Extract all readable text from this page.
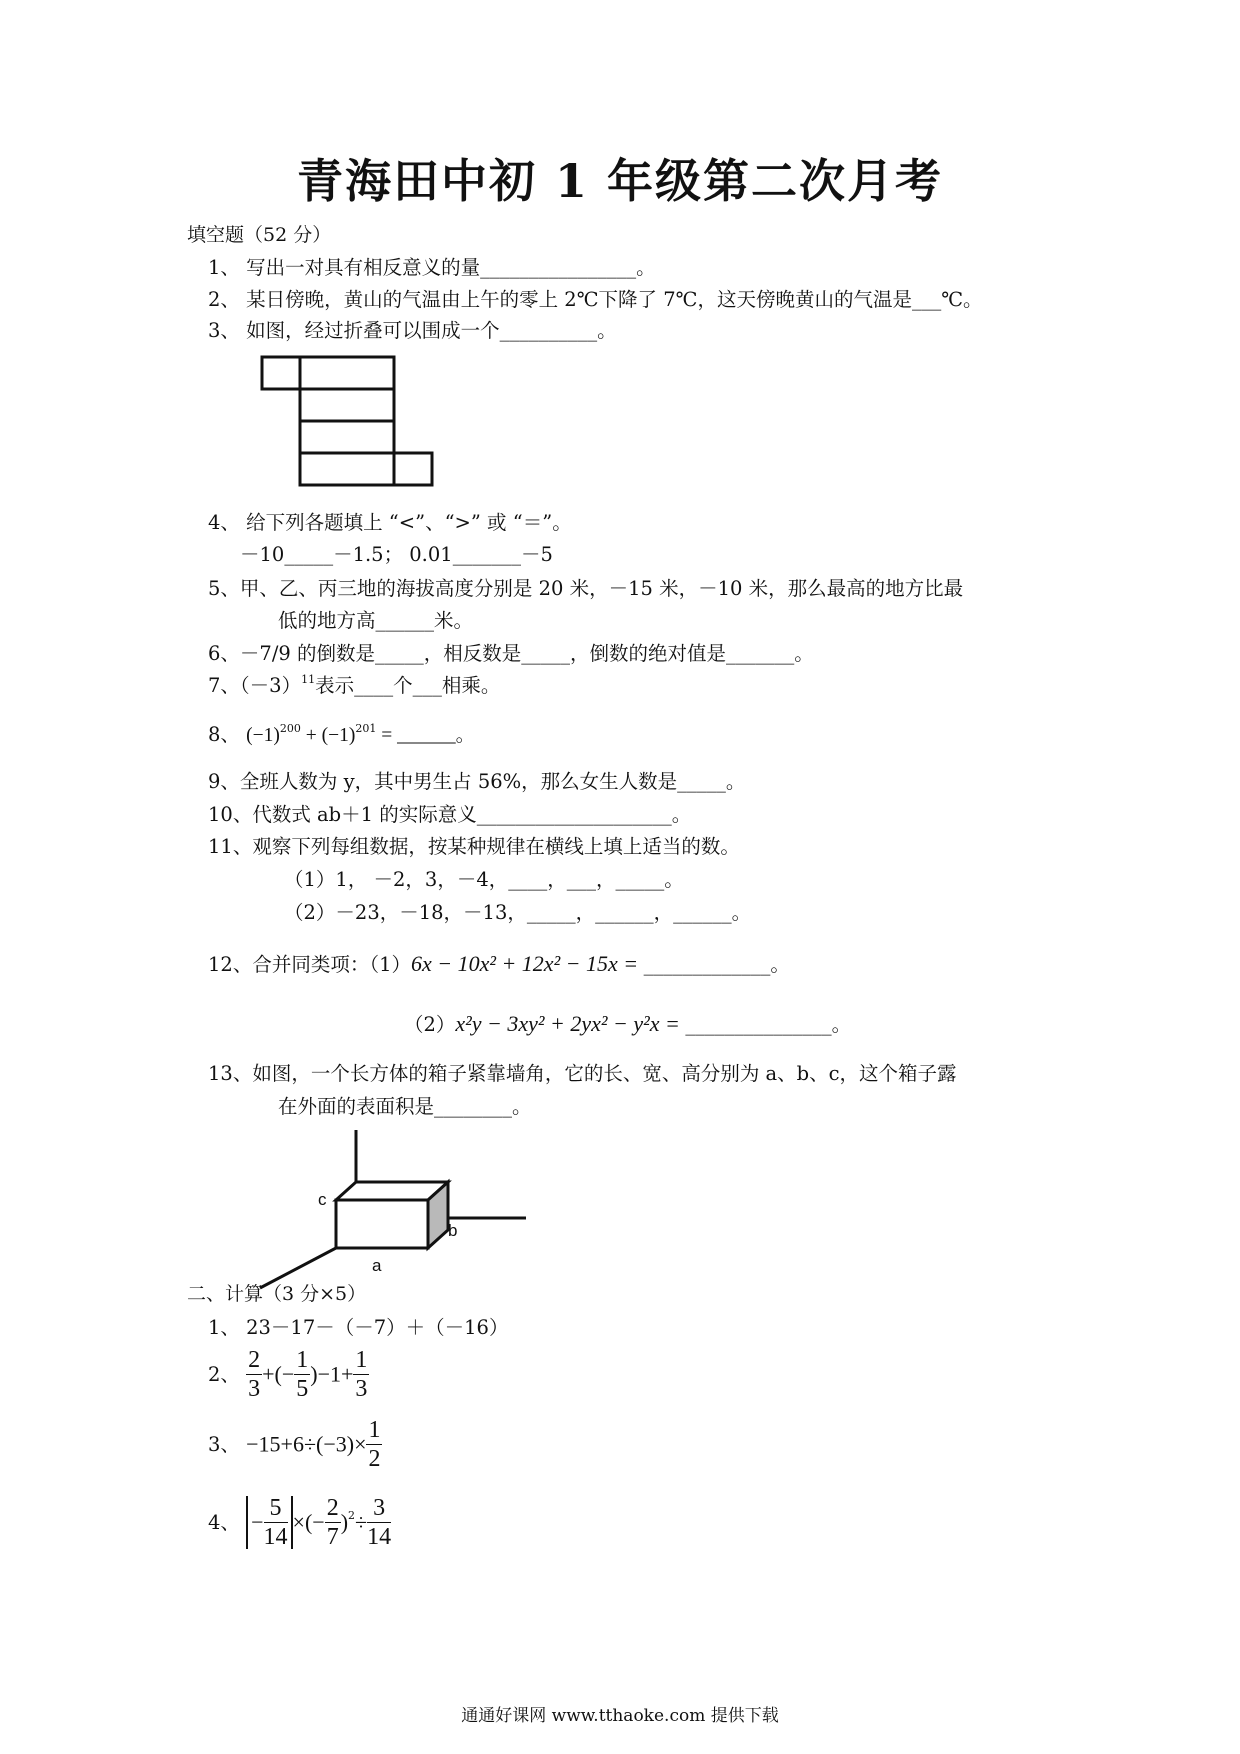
青海田中初 1 年级第二次月考
填空题（52 分）
1、 写出一对具有相反意义的量________________。
2、 某日傍晚，黄山的气温由上午的零上 2℃下降了 7℃，这天傍晚黄山的气温是___℃。
3、 如图，经过折叠可以围成一个__________。
4、 给下列各题填上 “<”、“>” 或 “＝”。
－10_____－1.5； 0.01_______－5
5、甲、乙、丙三地的海拔高度分别是 20 米，－15 米，－10 米，那么最高的地方比最
低的地方高______米。
6、－7/9 的倒数是_____，相反数是_____，倒数的绝对值是_______。
7、$(-3)^{11}$表示____个___相乘。
8、 $(-1)^{200} + (-1)^{201}$ = ______。
9、全班人数为 y，其中男生占 56%，那么女生人数是_____。
10、代数式 ab＋1 的实际意义____________________。
11、观察下列每组数据，按某种规律在横线上填上适当的数。
（1）1， －2，3，－4，____，___，_____。
（2）－23，－18，－13，_____，______，______。
12、合并同类项：（1）6x − 10x² + 12x² − 15x = _____________。
（2）x²y − 3xy² + 2yx² − y²x = _______________。
13、如图，一个长方体的箱子紧靠墙角，它的长、宽、高分别为 a、b、c，这个箱子露
在外面的表面积是________。
c
b
a
二、计算（3 分×5）
1、 23－17－（－7）＋（－16）
2、 $\frac{2}{3}$ +(− $\frac{1}{5} )-1+ \frac{1}{3}$
3、 $-15+6\div(-3)\times \frac{1}{2}$
4、 − $\frac{5}{14}$ ×(− $\frac{2}{7} )^2\div \frac{3}{14}$
通通好课网 www.tthaoke.com 提供下载
